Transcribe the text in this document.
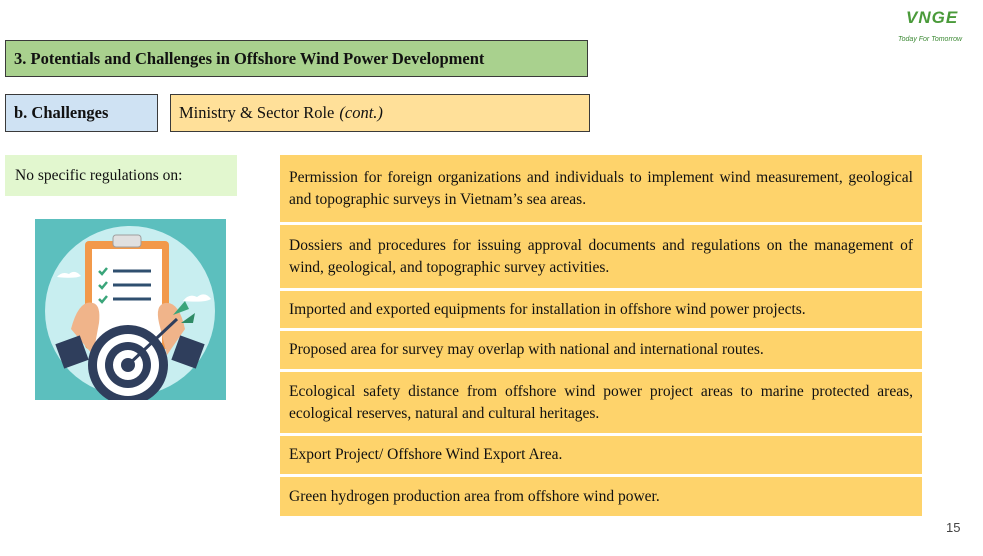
VNGE
Today For Tomorrow
3. Potentials and Challenges in Offshore Wind Power Development
b. Challenges	Ministry & Sector Role (cont.)
No specific regulations on:	Permission for foreign organizations and individuals to implement wind measurement, geological and topographic surveys in Vietnam’s sea areas.
Dossiers and procedures for issuing approval documents and regulations on the management of wind, geological, and topographic survey activities.
Imported and exported equipments for installation in offshore wind power projects.
Proposed area for survey may overlap with national and international routes.
Ecological safety distance from offshore wind power project areas to marine protected areas, ecological reserves, natural and cultural heritages.
Export Project/ Offshore Wind Export Area.
Green hydrogen production area from offshore wind power.
15
